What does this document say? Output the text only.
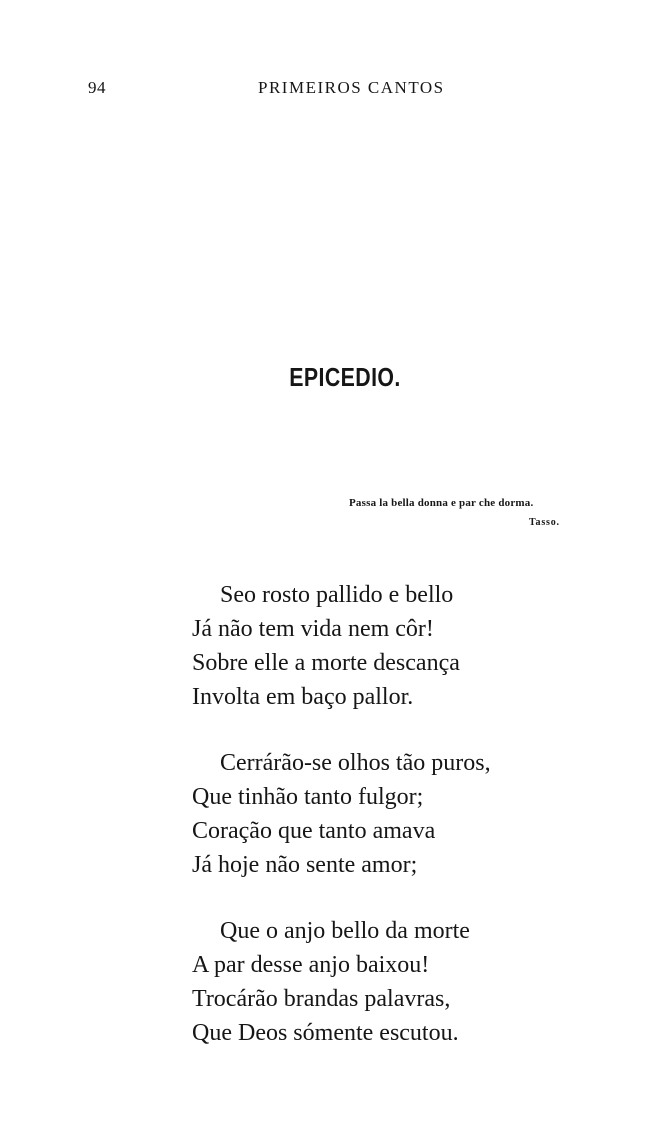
94	PRIMEIROS CANTOS
EPICEDIO.
Passa la bella donna e par che dorma.
Tasso.
Seo rosto pallido e bello
Já não tem vida nem côr!
Sobre elle a morte descança
Involta em baço pallor.
Cerrárão-se olhos tão puros,
Que tinhão tanto fulgor;
Coração que tanto amava
Já hoje não sente amor;
Que o anjo bello da morte
A par desse anjo baixou!
Trocárão brandas palavras,
Que Deos sómente escutou.
